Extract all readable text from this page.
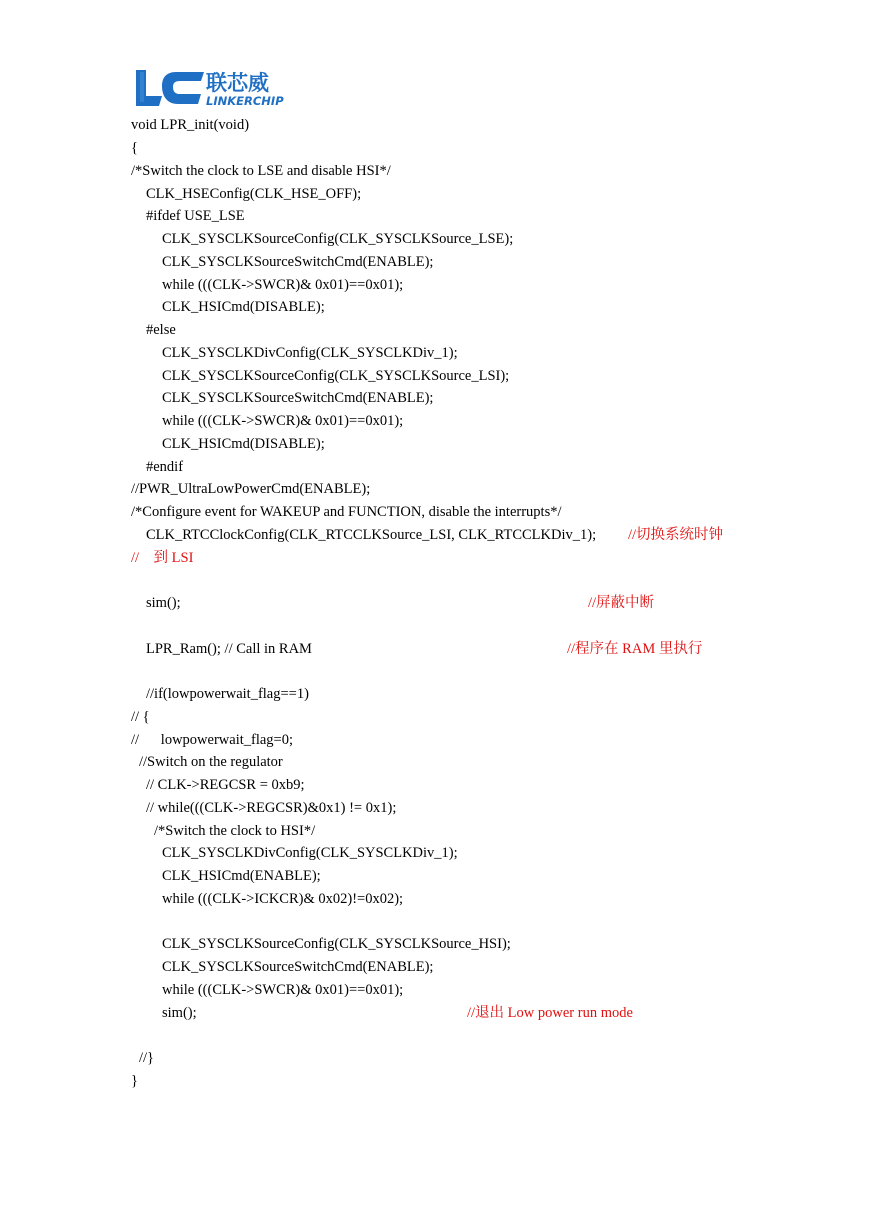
联芯威
LINKERCHIP
void LPR_init(void)
{
/*Switch the clock to LSE and disable HSI*/
CLK_HSEConfig(CLK_HSE_OFF);
#ifdef USE_LSE
CLK_SYSCLKSourceConfig(CLK_SYSCLKSource_LSE);
CLK_SYSCLKSourceSwitchCmd(ENABLE);
while (((CLK->SWCR)& 0x01)==0x01);
CLK_HSICmd(DISABLE);
#else
CLK_SYSCLKDivConfig(CLK_SYSCLKDiv_1);
CLK_SYSCLKSourceConfig(CLK_SYSCLKSource_LSI);
CLK_SYSCLKSourceSwitchCmd(ENABLE);
while (((CLK->SWCR)& 0x01)==0x01);
CLK_HSICmd(DISABLE);
#endif
//PWR_UltraLowPowerCmd(ENABLE);
/*Configure event for WAKEUP and FUNCTION, disable the interrupts*/
CLK_RTCClockConfig(CLK_RTCCLKSource_LSI, CLK_RTCCLKDiv_1); //切换系统时钟
//    到 LSI
sim();	//屏蔽中断
LPR_Ram(); // Call in RAM	//程序在 RAM 里执行
//if(lowpowerwait_flag==1)
// {
//      lowpowerwait_flag=0;
//Switch on the regulator
// CLK->REGCSR = 0xb9;
// while(((CLK->REGCSR)&0x1) != 0x1);
/*Switch the clock to HSI*/
CLK_SYSCLKDivConfig(CLK_SYSCLKDiv_1);
CLK_HSICmd(ENABLE);
while (((CLK->ICKCR)& 0x02)!=0x02);
CLK_SYSCLKSourceConfig(CLK_SYSCLKSource_HSI);
CLK_SYSCLKSourceSwitchCmd(ENABLE);
while (((CLK->SWCR)& 0x01)==0x01);
sim();	//退出 Low power run mode
//}
}
